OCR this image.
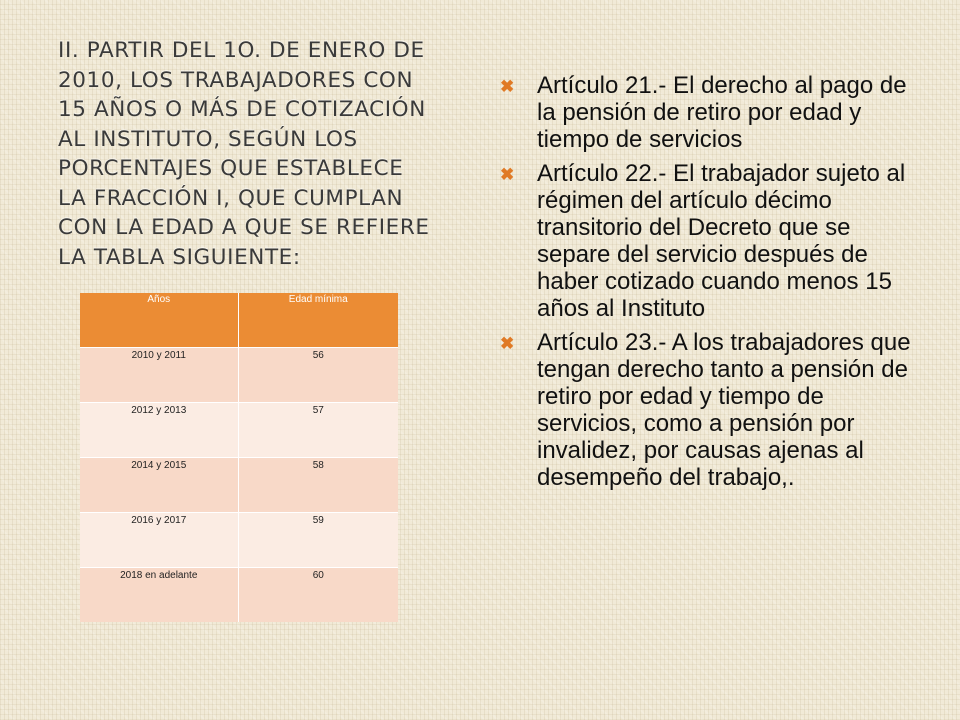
II. PARTIR DEL 1O. DE ENERO DE 2010, LOS TRABAJADORES CON 15 AÑOS O MÁS DE COTIZACIÓN AL INSTITUTO, SEGÚN LOS PORCENTAJES QUE ESTABLECE LA FRACCIÓN I, QUE CUMPLAN CON LA EDAD A QUE SE REFIERE LA TABLA SIGUIENTE:
Años	Edad mínima
2010 y 2011	56
2012 y 2013	57
2014 y 2015	58
2016 y 2017	59
2018 en adelante	60
✖ Artículo 21.- El derecho al pago de la pensión de retiro por edad y tiempo de servicios
✖ Artículo 22.- El trabajador sujeto al régimen del artículo décimo transitorio del Decreto que se separe del servicio después de haber cotizado cuando menos 15 años al Instituto
✖ Artículo 23.- A los trabajadores que tengan derecho tanto a pensión de retiro por edad y tiempo de servicios, como a pensión por invalidez, por causas ajenas al desempeño del trabajo,.
